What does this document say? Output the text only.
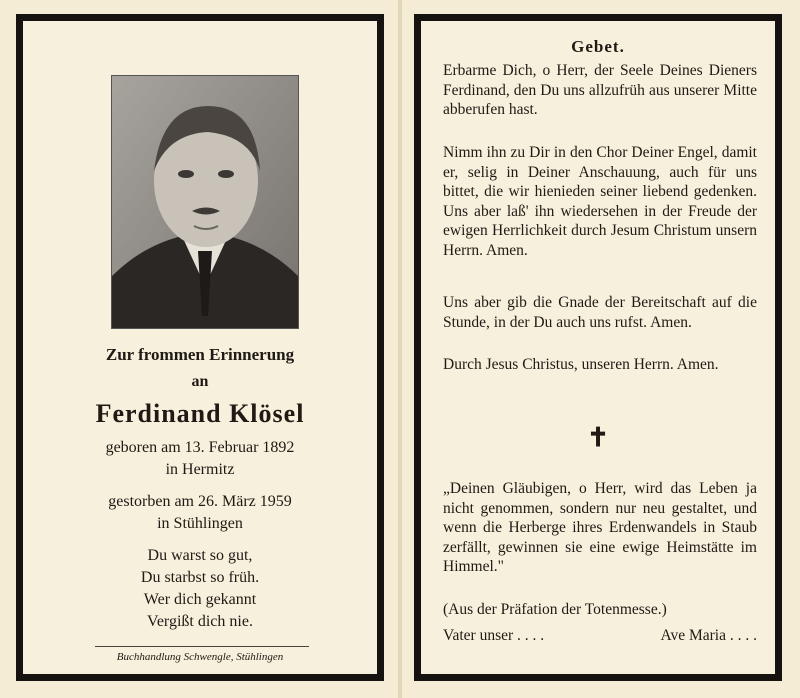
Zur frommen Erinnerung
an
Ferdinand Klösel
geboren am 13. Februar 1892
in Hermitz
gestorben am 26. März 1959
in Stühlingen
Du warst so gut,
Du starbst so früh.
Wer dich gekannt
Vergißt dich nie.
Buchhandlung Schwengle, Stühlingen
Gebet.
Erbarme Dich, o Herr, der Seele Deines Dieners Ferdinand, den Du uns allzufrüh aus unserer Mitte abberufen hast.
Nimm ihn zu Dir in den Chor Deiner Engel, damit er, selig in Deiner Anschauung, auch für uns bittet, die wir hienieden seiner liebend gedenken. Uns aber laß' ihn wiedersehen in der Freude der ewigen Herrlichkeit durch Jesum Christum unsern Herrn. Amen.
Uns aber gib die Gnade der Bereitschaft auf die Stunde, in der Du auch uns rufst. Amen.
Durch Jesus Christus, unseren Herrn. Amen.
✝
„Deinen Gläubigen, o Herr, wird das Leben ja nicht genommen, sondern nur neu gestaltet, und wenn die Herberge ihres Erdenwandels in Staub zerfällt, gewinnen sie eine ewige Heimstätte im Himmel."
(Aus der Präfation der Totenmesse.)
Vater unser . . . .	Ave Maria . . . .
